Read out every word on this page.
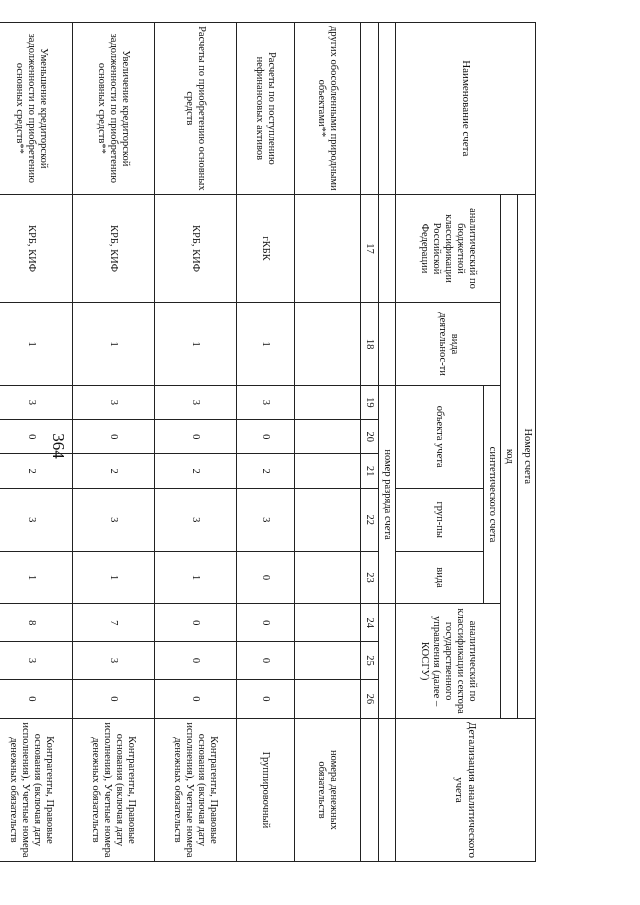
364
Наименование счета	Номер счета										Детализация аналитического учета
	код										
	аналитический по бюджетной классификации Российской Федерации	вида деятельнос-ти	синтетического счета					аналитический по классификации сектора государственного управления (далее – КОСГУ)			
			объекта учета			груп-пы	вида				

			номер разряда счета								
	17	18	19	20	21	22	23	24	25	26	
других обособленными природными объектами**											номера денежных обязательств
Расчеты по поступлению нефинансовых активов	гКБК	1	3	0	2	3	0	0	0	0	Группировочный
Расчеты по приобретению основных средств	КРБ, КИФ	1	3	0	2	3	1	0	0	0	Контрагенты, Правовые основания (включая дату исполнения), Учетные номера денежных обязательств
Увеличение кредиторской задолженности по приобретению основных средств**	КРБ, КИФ	1	3	0	2	3	1	7	3	0	Контрагенты, Правовые основания (включая дату исполнения), Учетные номера денежных обязательств
Уменьшение кредиторской задолженности по приобретению основных средств**	КРБ, КИФ	1	3	0	2	3	1	8	3	0	Контрагенты, Правовые основания (включая дату исполнения), Учетные номера денежных обязательств
